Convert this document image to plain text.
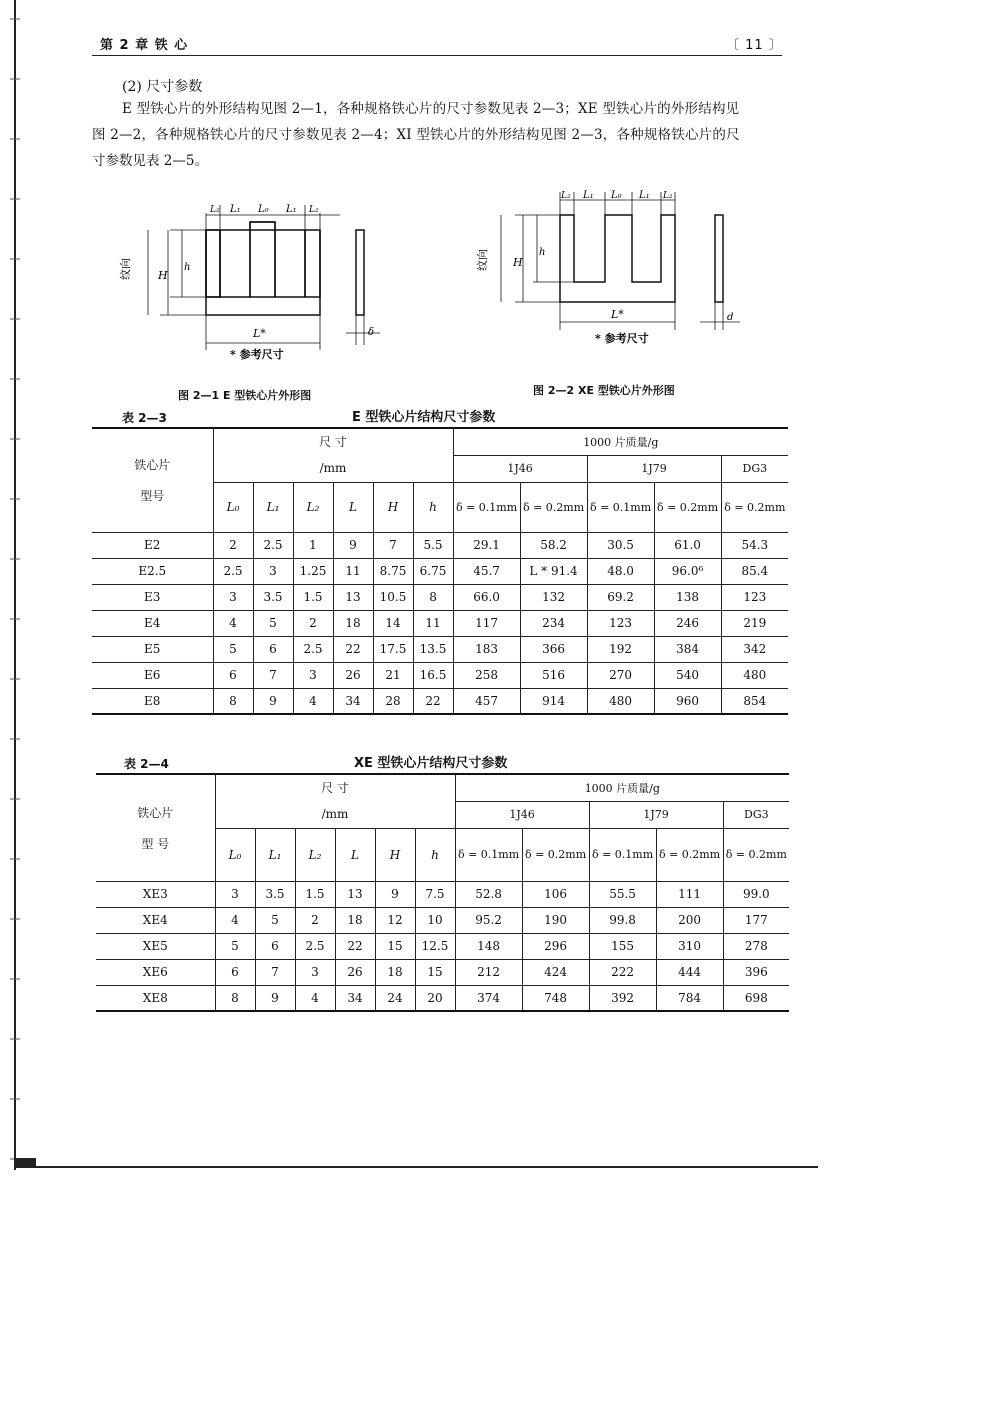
第 2 章 铁 心	〔 11 〕
(2) 尺寸参数
E 型铁心片的外形结构见图 2—1，各种规格铁心片的尺寸参数见表 2—3；XE 型铁心片的外形结构见
图 2—2，各种规格铁心片的尺寸参数见表 2—4；XI 型铁心片的外形结构见图 2—3，各种规格铁心片的尺
寸参数见表 2—5。
L₂ L₁ L₀ L₁ L₂
H
h
L*	δ
纹向
* 参考尺寸
图 2—1 E 型铁心片外形图
L₂ L₁ L₀ L₁ L₂
H
h
L*	d
纹向
* 参考尺寸
图 2—2 XE 型铁心片外形图
表 2—3	E 型铁心片结构尺寸参数
铁心片

型号	尺 寸
/mm						1000 片质量/g				
							1J46		1J79		DG3
	L₀	L₁	L₂	L	H	h	δ = 0.1mm	δ = 0.2mm	δ = 0.1mm	δ = 0.2mm	δ = 0.2mm
E2	2	2.5	1	9	7	5.5	29.1	58.2	30.5	61.0	54.3
E2.5	2.5	3	1.25	11	8.75	6.75	45.7	L * 91.4	48.0	96.0⁶	85.4
E3	3	3.5	1.5	13	10.5	8	66.0	132	69.2	138	123
E4	4	5	2	18	14	11	117	234	123	246	219
E5	5	6	2.5	22	17.5	13.5	183	366	192	384	342
E6	6	7	3	26	21	16.5	258	516	270	540	480
E8	8	9	4	34	28	22	457	914	480	960	854
表 2—4	XE 型铁心片结构尺寸参数
铁心片

型 号	尺 寸
/mm						1000 片质量/g				
							1J46		1J79		DG3
	L₀	L₁	L₂	L	H	h	δ = 0.1mm	δ = 0.2mm	δ = 0.1mm	δ = 0.2mm	δ = 0.2mm
XE3	3	3.5	1.5	13	9	7.5	52.8	106	55.5	111	99.0
XE4	4	5	2	18	12	10	95.2	190	99.8	200	177
XE5	5	6	2.5	22	15	12.5	148	296	155	310	278
XE6	6	7	3	26	18	15	212	424	222	444	396
XE8	8	9	4	34	24	20	374	748	392	784	698
